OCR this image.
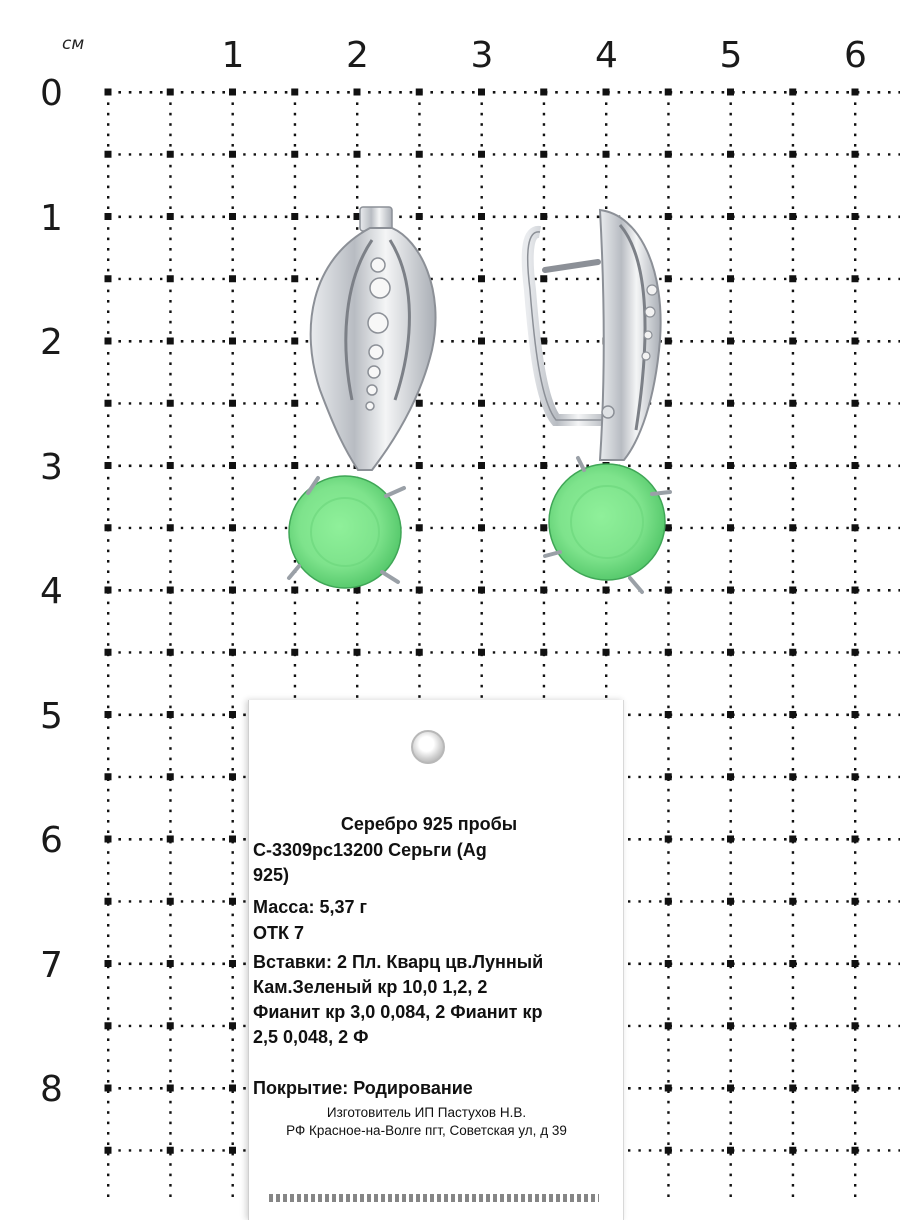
см	1	2	3	4	5	6
0
1
2
3
4
5
6
7
8
Серебро 925 пробы
С-3309рс13200 Серьги (Ag
925)
Масса: 5,37 г
ОТК 7
Вставки: 2 Пл. Кварц цв.Лунный
Кам.Зеленый кр 10,0 1,2, 2
Фианит кр 3,0 0,084, 2 Фианит кр
2,5 0,048, 2 Ф
Покрытие: Родирование
Изготовитель ИП Пастухов Н.В.
РФ Красное-на-Волге пгт, Советская ул, д 39
